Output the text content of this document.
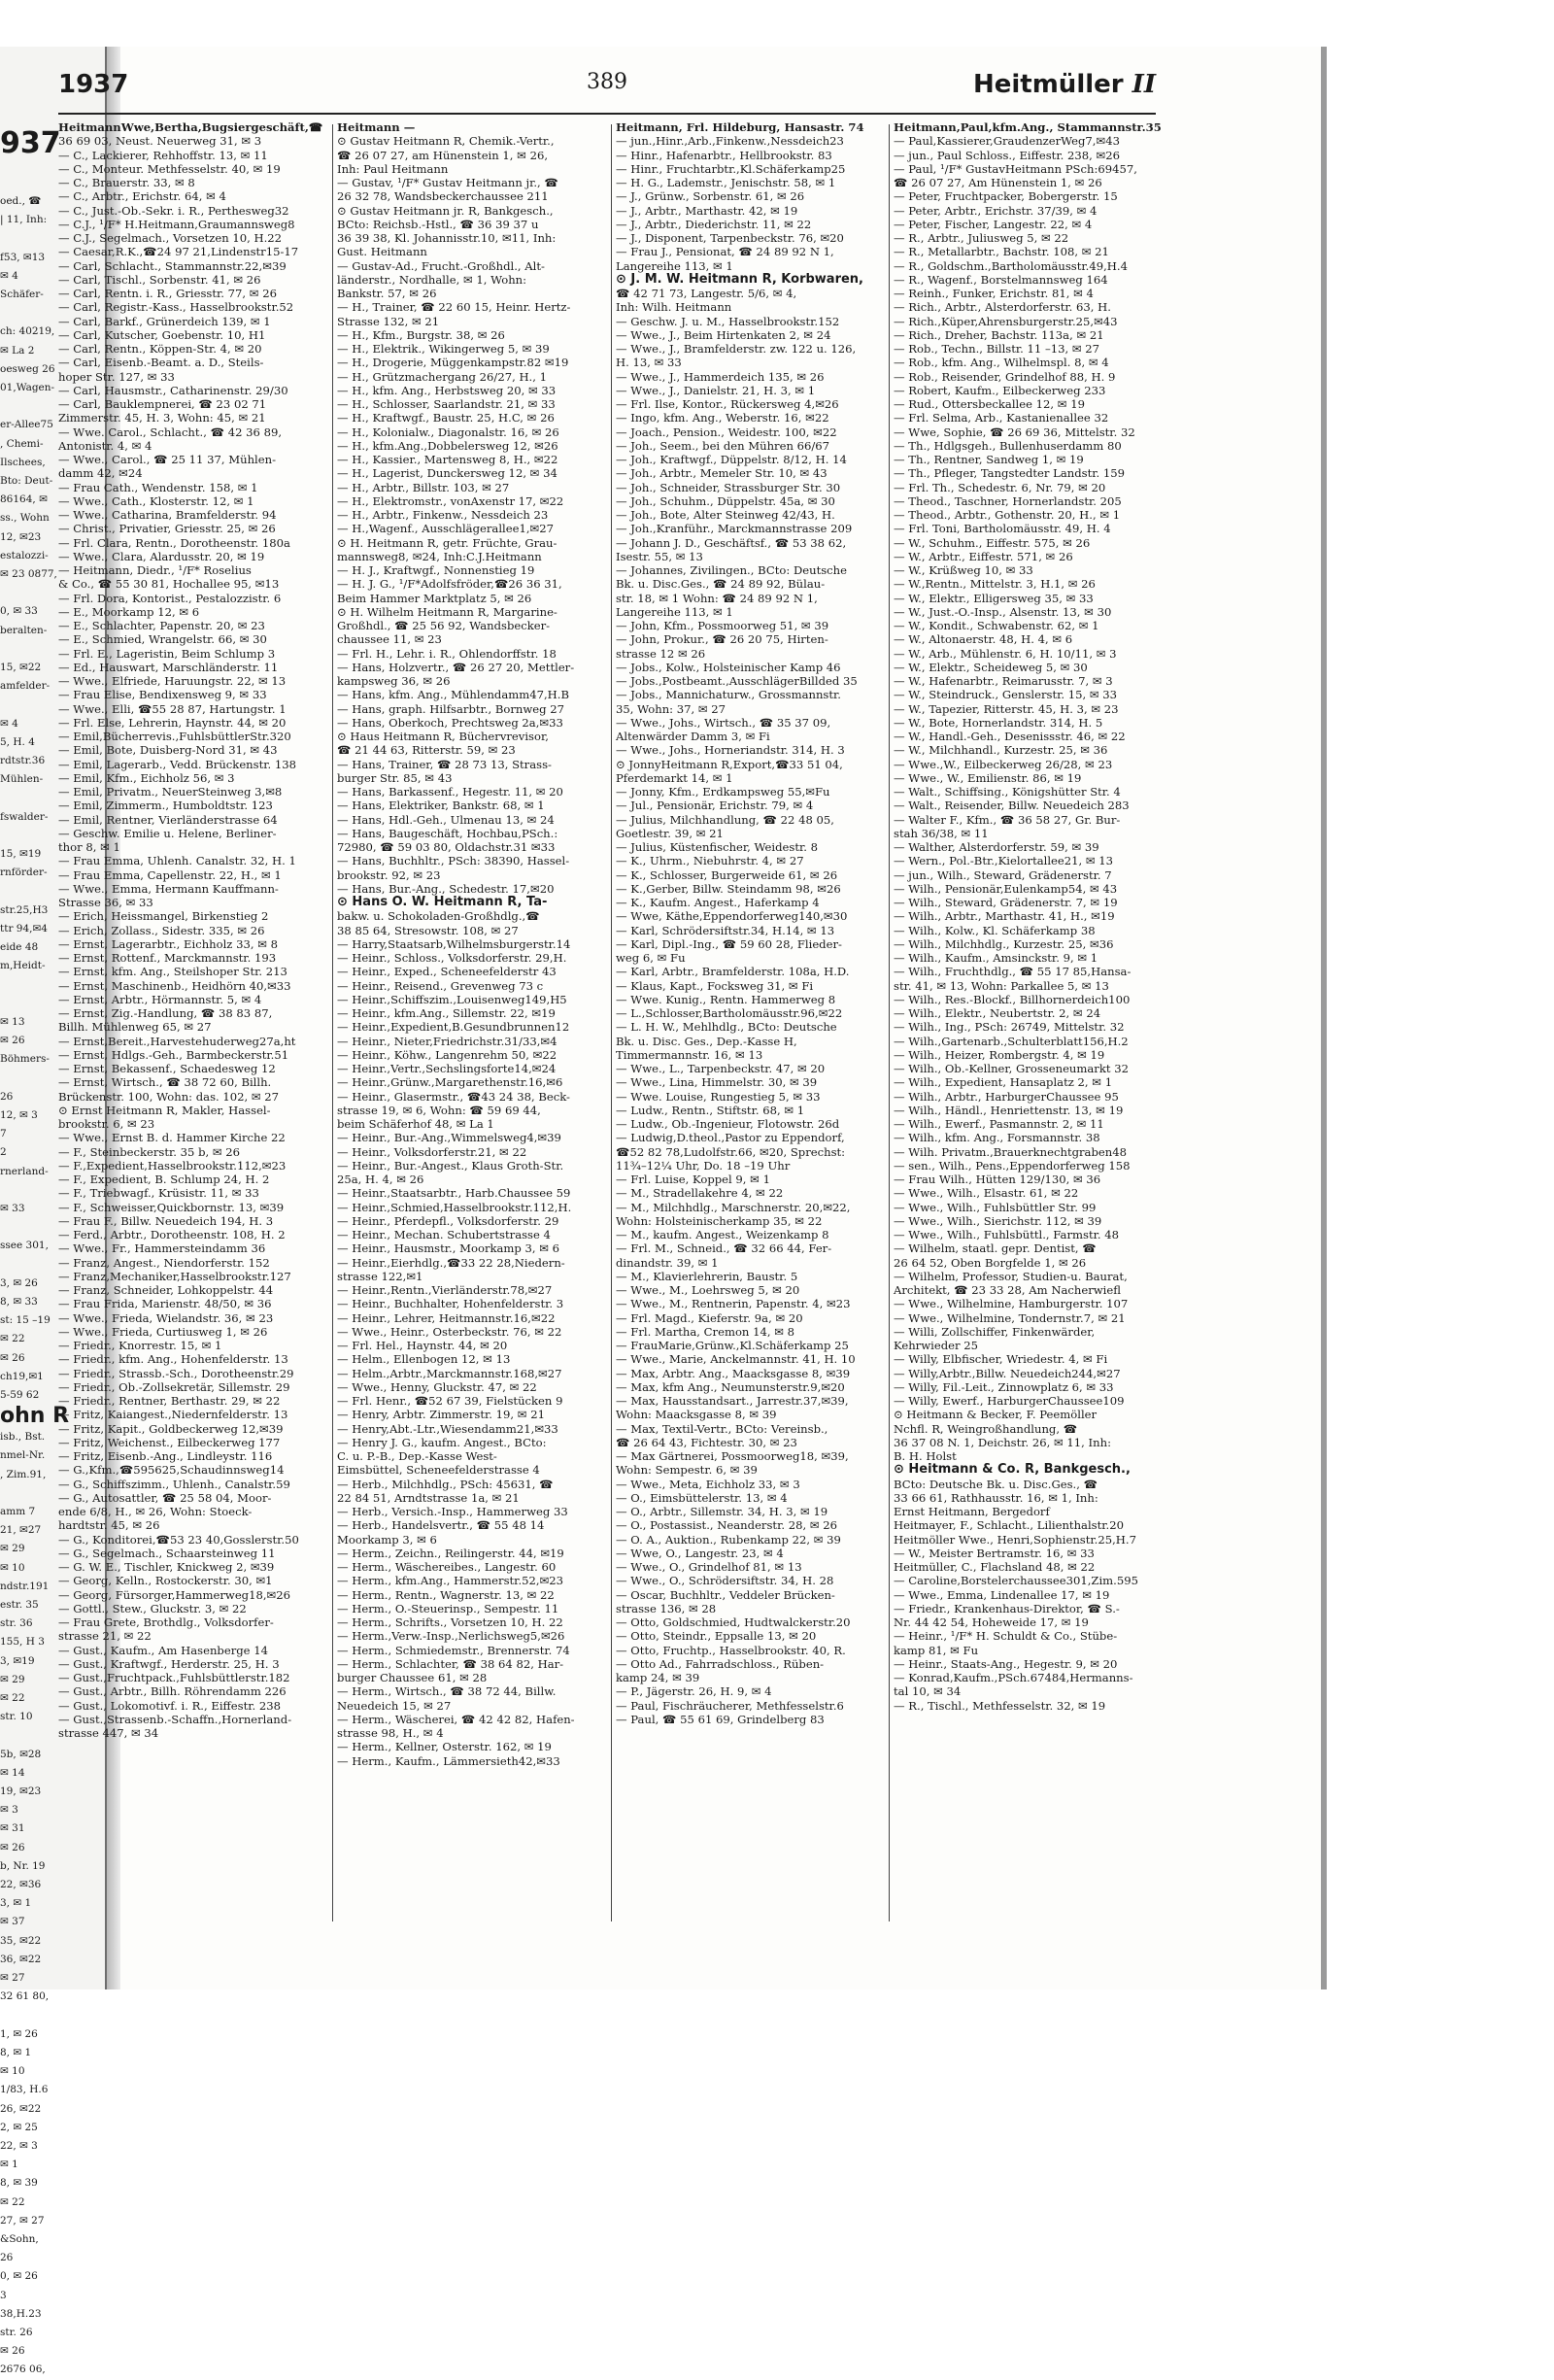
937
oed., ☎
| 11, Inh:

f53, ✉13
✉ 4
Schäfer-

ch: 40219,
✉ La 2
oesweg 26
01,Wagen-

er-Allee75
, Chemi-
Ilschees,
Bto: Deut-
86164, ✉
ss., Wohn
12, ✉23
estalozzi-
✉ 23 0877,

0, ✉ 33
beralten-

15, ✉22
amfelder-

✉ 4
5, H. 4
rdtstr.36
Mühlen-

fswalder-

15, ✉19
rnförder-

str.25,H3
ttr 94,✉4
eide 48
m,Heidt-

✉ 13
✉ 26
Böhmers-

26
12, ✉ 3
7
2
rnerland-

✉ 33

ssee 301,

3, ✉ 26
8, ✉ 33
st: 15 –19
✉ 22
✉ 26
ch19,✉1
5-59 62
ohn R
isb., Bst.
nmel-Nr.
, Zim.91,

amm 7
21, ✉27
✉ 29
✉ 10
ndstr.191
estr. 35
str. 36
155, H 3
3, ✉19
✉ 29
✉ 22
str. 10

5b, ✉28
✉ 14
19, ✉23
✉ 3
✉ 31
✉ 26
b, Nr. 19
22, ✉36
3, ✉ 1
✉ 37
35, ✉22
36, ✉22
✉ 27
32 61 80,

1, ✉ 26
8, ✉ 1
✉ 10
1/83, H.6
26, ✉22
2, ✉ 25
22, ✉ 3
✉ 1
8, ✉ 39
✉ 22
27, ✉ 27
&Sohn,
26
0, ✉ 26
3
38,H.23
str. 26
✉ 26
2676 06,
1937	389	Heitmüller II
HeitmannWwe,Bertha,Bugsiergeschäft,☎
36 69 03, Neust. Neuerweg 31, ✉ 3
— C., Lackierer, Rehhoffstr. 13, ✉ 11
— C., Monteur. Methfesselstr. 40, ✉ 19
— C., Brauerstr. 33, ✉ 8
— C., Arbtr., Erichstr. 64, ✉ 4
— C., Just.-Ob.-Sekr. i. R., Perthesweg32
— C.J., ¹/F* H.Heitmann,Graumannsweg8
— C.J., Segelmach., Vorsetzen 10, H.22
— Caesar,R.K.,☎24 97 21,Lindenstr15-17
— Carl, Schlacht., Stammannstr.22,✉39
— Carl, Tischl., Sorbenstr. 41, ✉ 26
— Carl, Rentn. i. R., Griesstr. 77, ✉ 26
— Carl, Registr.-Kass., Hasselbrookstr.52
— Carl, Barkf., Grünerdeich 139, ✉ 1
— Carl, Kutscher, Goebenstr. 10, H1
— Carl, Rentn., Köppen-Str. 4, ✉ 20
— Carl, Eisenb.-Beamt. a. D., Steils-
hoper Str. 127, ✉ 33
— Carl, Hausmstr., Catharinenstr. 29/30
— Carl, Bauklempnerei, ☎ 23 02 71
Zimmerstr. 45, H. 3, Wohn: 45, ✉ 21
— Wwe. Carol., Schlacht., ☎ 42 36 89,
Antonistr. 4, ✉ 4
— Wwe., Carol., ☎ 25 11 37, Mühlen-
damm 42, ✉24
— Frau Cath., Wendenstr. 158, ✉ 1
— Wwe., Cath., Klosterstr. 12, ✉ 1
— Wwe., Catharina, Bramfelderstr. 94
— Christ., Privatier, Griesstr. 25, ✉ 26
— Frl. Clara, Rentn., Dorotheenstr. 180a
— Wwe., Clara, Alardusstr. 20, ✉ 19
— Heitmann, Diedr., ¹/F* Roselius
& Co., ☎ 55 30 81, Hochallee 95, ✉13
— Frl. Dora, Kontorist., Pestalozzistr. 6
— E., Moorkamp 12, ✉ 6
— E., Schlachter, Papenstr. 20, ✉ 23
— E., Schmied, Wrangelstr. 66, ✉ 30
— Frl. E., Lageristin, Beim Schlump 3
— Ed., Hauswart, Marschländerstr. 11
— Wwe., Elfriede, Haruungstr. 22, ✉ 13
— Frau Elise, Bendixensweg 9, ✉ 33
— Wwe., Elli, ☎55 28 87, Hartungstr. 1
— Frl. Else, Lehrerin, Haynstr. 44, ✉ 20
— Emil,Bücherrevis.,FuhlsbüttlerStr.320
— Emil, Bote, Duisberg-Nord 31, ✉ 43
— Emil, Lagerarb., Vedd. Brückenstr. 138
— Emil, Kfm., Eichholz 56, ✉ 3
— Emil, Privatm., NeuerSteinweg 3,✉8
— Emil, Zimmerm., Humboldtstr. 123
— Emil, Rentner, Vierländerstrasse 64
— Geschw. Emilie u. Helene, Berliner-
thor 8, ✉ 1
— Frau Emma, Uhlenh. Canalstr. 32, H. 1
— Frau Emma, Capellenstr. 22, H., ✉ 1
— Wwe., Emma, Hermann Kauffmann-
Strasse 36, ✉ 33
— Erich, Heissmangel, Birkenstieg 2
— Erich, Zollass., Sidestr. 335, ✉ 26
— Ernst, Lagerarbtr., Eichholz 33, ✉ 8
— Ernst, Rottenf., Marckmannstr. 193
— Ernst, kfm. Ang., Steilshoper Str. 213
— Ernst, Maschinenb., Heidhörn 40,✉33
— Ernst, Arbtr., Hörmannstr. 5, ✉ 4
— Ernst, Zig.-Handlung, ☎ 38 83 87,
Billh. Mühlenweg 65, ✉ 27
— Ernst,Bereit.,Harvestehuderweg27a,ht
— Ernst, Hdlgs.-Geh., Barmbeckerstr.51
— Ernst, Bekassenf., Schaedesweg 12
— Ernst, Wirtsch., ☎ 38 72 60, Billh.
Brückenstr. 100, Wohn: das. 102, ✉ 27
⊙ Ernst Heitmann R, Makler, Hassel-
brookstr. 6, ✉ 23
— Wwe., Ernst B. d. Hammer Kirche 22
— F., Steinbeckerstr. 35 b, ✉ 26
— F.,Expedient,Hasselbrookstr.112,✉23
— F., Expedient, B. Schlump 24, H. 2
— F., Triebwagf., Krüsistr. 11, ✉ 33
— F., Schweisser,Quickbornstr. 13, ✉39
— Frau F., Billw. Neuedeich 194, H. 3
— Ferd., Arbtr., Dorotheenstr. 108, H. 2
— Wwe., Fr., Hammersteindamm 36
— Franz, Angest., Niendorferstr. 152
— Franz,Mechaniker,Hasselbrookstr.127
— Franz, Schneider, Lohkoppelstr. 44
— Frau Frida, Marienstr. 48/50, ✉ 36
— Wwe., Frieda, Wielandstr. 36, ✉ 23
— Wwe., Frieda, Curtiusweg 1, ✉ 26
— Friedr., Knorrestr. 15, ✉ 1
— Friedr., kfm. Ang., Hohenfelderstr. 13
— Friedr., Strassb.-Sch., Dorotheenstr.29
— Friedr., Ob.-Zollsekretär, Sillemstr. 29
— Friedr., Rentner, Berthastr. 29, ✉ 22
— Fritz, Kaiangest.,Niedernfelderstr. 13
— Fritz, Kapit., Goldbeckerweg 12,✉39
— Fritz, Weichenst., Eilbeckerweg 177
— Fritz, Eisenb.-Ang., Lindleystr. 116
— G.,Kfm.,☎595625,Schaudinnsweg14
— G., Schiffszimm., Uhlenh., Canalstr.59
— G., Autosattler, ☎ 25 58 04, Moor-
ende 6/8, H., ✉ 26, Wohn: Stoeck-
hardtstr. 45, ✉ 26
— G., Konditorei,☎53 23 40,Gosslerstr.50
— G., Segelmach., Schaarsteinweg 11
— G. W. E., Tischler, Knickweg 2, ✉39
— Georg, Kelln., Rostockerstr. 30, ✉1
— Georg, Fürsorger,Hammerweg18,✉26
— Gottl., Stew., Gluckstr. 3, ✉ 22
— Frau Grete, Brothdlg., Volksdorfer-
strasse 21, ✉ 22
— Gust., Kaufm., Am Hasenberge 14
— Gust., Kraftwgf., Herderstr. 25, H. 3
— Gust.,Fruchtpack.,Fuhlsbüttlerstr.182
— Gust., Arbtr., Billh. Röhrendamm 226
— Gust., Lokomotivf. i. R., Eiffestr. 238
— Gust.,Strassenb.-Schaffn.,Hornerland-
strasse 447, ✉ 34
Heitmann —
⊙ Gustav Heitmann R, Chemik.-Vertr.,
☎ 26 07 27, am Hünenstein 1, ✉ 26,
Inh: Paul Heitmann
— Gustav, ¹/F* Gustav Heitmann jr., ☎
26 32 78, Wandsbeckerchaussee 211
⊙ Gustav Heitmann jr. R, Bankgesch.,
BCto: Reichsb.-Hstl., ☎ 36 39 37 u
36 39 38, Kl. Johannisstr.10, ✉11, Inh:
Gust. Heitmann
— Gustav-Ad., Frucht.-Großhdl., Alt-
länderstr., Nordhalle, ✉ 1, Wohn:
Bankstr. 57, ✉ 26
— H., Trainer, ☎ 22 60 15, Heinr. Hertz-
Strasse 132, ✉ 21
— H., Kfm., Burgstr. 38, ✉ 26
— H., Elektrik., Wikingerweg 5, ✉ 39
— H., Drogerie, Müggenkampstr.82 ✉19
— H., Grützmachergang 26/27, H., 1
— H., kfm. Ang., Herbstsweg 20, ✉ 33
— H., Schlosser, Saarlandstr. 21, ✉ 33
— H., Kraftwgf., Baustr. 25, H.C, ✉ 26
— H., Kolonialw., Diagonalstr. 16, ✉ 26
— H., kfm.Ang.,Dobbelersweg 12, ✉26
— H., Kassier., Martensweg 8, H., ✉22
— H., Lagerist, Dunckersweg 12, ✉ 34
— H., Arbtr., Billstr. 103, ✉ 27
— H., Elektromstr., vonAxenstr 17, ✉22
— H., Arbtr., Finkenw., Nessdeich 23
— H.,Wagenf., Ausschlägerallee1,✉27
⊙ H. Heitmann R, getr. Früchte, Grau-
mannsweg8, ✉24, Inh:C.J.Heitmann
— H. J., Kraftwgf., Nonnenstieg 19
— H. J. G., ¹/F*Adolfsfröder,☎26 36 31,
Beim Hammer Marktplatz 5, ✉ 26
⊙ H. Wilhelm Heitmann R, Margarine-
Großhdl., ☎ 25 56 92, Wandsbecker-
chaussee 11, ✉ 23
— Frl. H., Lehr. i. R., Ohlendorffstr. 18
— Hans, Holzvertr., ☎ 26 27 20, Mettler-
kampsweg 36, ✉ 26
— Hans, kfm. Ang., Mühlendamm47,H.B
— Hans, graph. Hilfsarbtr., Bornweg 27
— Hans, Oberkoch, Prechtsweg 2a,✉33
⊙ Haus Heitmann R, Büchervrevisor,
☎ 21 44 63, Ritterstr. 59, ✉ 23
— Hans, Trainer, ☎ 28 73 13, Strass-
burger Str. 85, ✉ 43
— Hans, Barkassenf., Hegestr. 11, ✉ 20
— Hans, Elektriker, Bankstr. 68, ✉ 1
— Hans, Hdl.-Geh., Ulmenau 13, ✉ 24
— Hans, Baugeschäft, Hochbau,PSch.:
72980, ☎ 59 03 80, Oldachstr.31 ✉33
— Hans, Buchhltr., PSch: 38390, Hassel-
brookstr. 92, ✉ 23
— Hans, Bur.-Ang., Schedestr. 17,✉20
⊙ Hans O. W. Heitmann R, Ta-
bakw. u. Schokoladen-Großhdlg.,☎
38 85 64, Stresowstr. 108, ✉ 27
— Harry,Staatsarb,Wilhelmsburgerstr.14
— Heinr., Schloss., Volksdorferstr. 29,H.
— Heinr., Exped., Scheneefelderstr 43
— Heinr., Reisend., Grevenweg 73 c
— Heinr.,Schiffszim.,Louisenweg149,H5
— Heinr., kfm.Ang., Sillemstr. 22, ✉19
— Heinr.,Expedient,B.Gesundbrunnen12
— Heinr., Nieter,Friedrichstr.31/33,✉4
— Heinr., Köhw., Langenrehm 50, ✉22
— Heinr.,Vertr.,Sechslingsforte14,✉24
— Heinr.,Grünw.,Margarethenstr.16,✉6
— Heinr., Glasermstr., ☎43 24 38, Beck-
strasse 19, ✉ 6, Wohn: ☎ 59 69 44,
beim Schäferhof 48, ✉ La 1
— Heinr., Bur.-Ang.,Wimmelsweg4,✉39
— Heinr., Volksdorferstr.21, ✉ 22
— Heinr., Bur.-Angest., Klaus Groth-Str.
25a, H. 4, ✉ 26
— Heinr.,Staatsarbtr., Harb.Chaussee 59
— Heinr.,Schmied,Hasselbrookstr.112,H.
— Heinr., Pferdepfl., Volksdorferstr. 29
— Heinr., Mechan. Schubertstrasse 4
— Heinr., Hausmstr., Moorkamp 3, ✉ 6
— Heinr.,Eierhdlg.,☎33 22 28,Niedern-
strasse 122,✉1
— Heinr.,Rentn.,Vierländerstr.78,✉27
— Heinr., Buchhalter, Hohenfelderstr. 3
— Heinr., Lehrer, Heitmannstr.16,✉22
— Wwe., Heinr., Osterbeckstr. 76, ✉ 22
— Frl. Hel., Haynstr. 44, ✉ 20
— Helm., Ellenbogen 12, ✉ 13
— Helm.,Arbtr.,Marckmannstr.168,✉27
— Wwe., Henny, Gluckstr. 47, ✉ 22
— Frl. Henr., ☎52 67 39, Fielstücken 9
— Henry, Arbtr. Zimmerstr. 19, ✉ 21
— Henry,Abt.-Ltr.,Wiesendamm21,✉33
— Henry J. G., kaufm. Angest., BCto:
C. u. P.-B., Dep.-Kasse West-
Eimsbüttel, Scheneefelderstrasse 4
— Herb., Milchhdlg., PSch: 45631, ☎
22 84 51, Arndtstrasse 1a, ✉ 21
— Herb., Versich.-Insp., Hammerweg 33
— Herb., Handelsvertr., ☎ 55 48 14
Moorkamp 3, ✉ 6
— Herm., Zeichn., Reilingerstr. 44, ✉19
— Herm., Wäschereibes., Langestr. 60
— Herm., kfm.Ang., Hammerstr.52,✉23
— Herm., Rentn., Wagnerstr. 13, ✉ 22
— Herm., O.-Steuerinsp., Sempestr. 11
— Herm., Schrifts., Vorsetzen 10, H. 22
— Herm.,Verw.-Insp.,Nerlichsweg5,✉26
— Herm., Schmiedemstr., Brennerstr. 74
— Herm., Schlachter, ☎ 38 64 82, Har-
burger Chaussee 61, ✉ 28
— Herm., Wirtsch., ☎ 38 72 44, Billw.
Neuedeich 15, ✉ 27
— Herm., Wäscherei, ☎ 42 42 82, Hafen-
strasse 98, H., ✉ 4
— Herm., Kellner, Osterstr. 162, ✉ 19
— Herm., Kaufm., Lämmersieth42,✉33
Heitmann, Frl. Hildeburg, Hansastr. 74
— jun.,Hinr.,Arb.,Finkenw.,Nessdeich23
— Hinr., Hafenarbtr., Hellbrookstr. 83
— Hinr., Fruchtarbtr.,Kl.Schäferkamp25
— H. G., Lademstr., Jenischstr. 58, ✉ 1
— J., Grünw., Sorbenstr. 61, ✉ 26
— J., Arbtr., Marthastr. 42, ✉ 19
— J., Arbtr., Diederichstr. 11, ✉ 22
— J., Disponent, Tarpenbeckstr. 76, ✉20
— Frau J., Pensionat, ☎ 24 89 92 N 1,
Langereihe 113, ✉ 1
⊙ J. M. W. Heitmann R, Korbwaren,
☎ 42 71 73, Langestr. 5/6, ✉ 4,
Inh: Wilh. Heitmann
— Geschw. J. u. M., Hasselbrookstr.152
— Wwe., J., Beim Hirtenkaten 2, ✉ 24
— Wwe., J., Bramfelderstr. zw. 122 u. 126,
H. 13, ✉ 33
— Wwe., J., Hammerdeich 135, ✉ 26
— Wwe., J., Danielstr. 21, H. 3, ✉ 1
— Frl. Ilse, Kontor., Rückersweg 4,✉26
— Ingo, kfm. Ang., Weberstr. 16, ✉22
— Joach., Pension., Weidestr. 100, ✉22
— Joh., Seem., bei den Mühren 66/67
— Joh., Kraftwgf., Düppelstr. 8/12, H. 14
— Joh., Arbtr., Memeler Str. 10, ✉ 43
— Joh., Schneider, Strassburger Str. 30
— Joh., Schuhm., Düppelstr. 45a, ✉ 30
— Joh., Bote, Alter Steinweg 42/43, H.
— Joh.,Kranführ., Marckmannstrasse 209
— Johann J. D., Geschäftsf., ☎ 53 38 62,
Isestr. 55, ✉ 13
— Johannes, Zivilingen., BCto: Deutsche
Bk. u. Disc.Ges., ☎ 24 89 92, Bülau-
str. 18, ✉ 1 Wohn: ☎ 24 89 92 N 1,
Langereihe 113, ✉ 1
— John, Kfm., Possmoorweg 51, ✉ 39
— John, Prokur., ☎ 26 20 75, Hirten-
strasse 12 ✉ 26
— Jobs., Kolw., Holsteinischer Kamp 46
— Jobs.,Postbeamt.,AusschlägerBillded 35
— Jobs., Mannichaturw., Grossmannstr.
35, Wohn: 37, ✉ 27
— Wwe., Johs., Wirtsch., ☎ 35 37 09,
Altenwärder Damm 3, ✉ Fi
— Wwe., Johs., Horneriandstr. 314, H. 3
⊙ JonnyHeitmann R,Export,☎33 51 04,
Pferdemarkt 14, ✉ 1
— Jonny, Kfm., Erdkampsweg 55,✉Fu
— Jul., Pensionär, Erichstr. 79, ✉ 4
— Julius, Milchhandlung, ☎ 22 48 05,
Goetlestr. 39, ✉ 21
— Julius, Küstenfischer, Weidestr. 8
— K., Uhrm., Niebuhrstr. 4, ✉ 27
— K., Schlosser, Burgerweide 61, ✉ 26
— K.,Gerber, Billw. Steindamm 98, ✉26
— K., Kaufm. Angest., Haferkamp 4
— Wwe, Käthe,Eppendorferweg140,✉30
— Karl, Schrödersiftstr.34, H.14, ✉ 13
— Karl, Dipl.-Ing., ☎ 59 60 28, Flieder-
weg 6, ✉ Fu
— Karl, Arbtr., Bramfelderstr. 108a, H.D.
— Klaus, Kapt., Focksweg 31, ✉ Fi
— Wwe. Kunig., Rentn. Hammerweg 8
— L.,Schlosser,Bartholomäusstr.96,✉22
— L. H. W., Mehlhdlg., BCto: Deutsche
Bk. u. Disc. Ges., Dep.-Kasse H,
Timmermannstr. 16, ✉ 13
— Wwe., L., Tarpenbeckstr. 47, ✉ 20
— Wwe., Lina, Himmelstr. 30, ✉ 39
— Wwe. Louise, Rungestieg 5, ✉ 33
— Ludw., Rentn., Stiftstr. 68, ✉ 1
— Ludw., Ob.-Ingenieur, Flotowstr. 26d
— Ludwig,D.theol.,Pastor zu Eppendorf,
☎52 82 78,Ludolfstr.66, ✉20, Sprechst:
11¾–12¼ Uhr, Do. 18 –19 Uhr
— Frl. Luise, Koppel 9, ✉ 1
— M., Stradellakehre 4, ✉ 22
— M., Milchhdlg., Marschnerstr. 20,✉22,
Wohn: Holsteinischerkamp 35, ✉ 22
— M., kaufm. Angest., Weizenkamp 8
— Frl. M., Schneid., ☎ 32 66 44, Fer-
dinandstr. 39, ✉ 1
— M., Klavierlehrerin, Baustr. 5
— Wwe., M., Loehrsweg 5, ✉ 20
— Wwe., M., Rentnerin, Papenstr. 4, ✉23
— Frl. Magd., Kieferstr. 9a, ✉ 20
— Frl. Martha, Cremon 14, ✉ 8
— FrauMarie,Grünw.,Kl.Schäferkamp 25
— Wwe., Marie, Anckelmannstr. 41, H. 10
— Max, Arbtr. Ang., Maacksgasse 8, ✉39
— Max, kfm Ang., Neumunsterstr.9,✉20
— Max, Hausstandsart., Jarrestr.37,✉39,
Wohn: Maacksgasse 8, ✉ 39
— Max, Textil-Vertr., BCto: Vereinsb.,
☎ 26 64 43, Fichtestr. 30, ✉ 23
— Max Gärtnerei, Possmoorweg18, ✉39,
Wohn: Sempestr. 6, ✉ 39
— Wwe., Meta, Eichholz 33, ✉ 3
— O., Eimsbüttelerstr. 13, ✉ 4
— O., Arbtr., Sillemstr. 34, H. 3, ✉ 19
— O., Postassist., Neanderstr. 28, ✉ 26
— O. A., Auktion., Rubenkamp 22, ✉ 39
— Wwe, O., Langestr. 23, ✉ 4
— Wwe., O., Grindelhof 81, ✉ 13
— Wwe., O., Schrödersiftstr. 34, H. 28
— Oscar, Buchhltr., Veddeler Brücken-
strasse 136, ✉ 28
— Otto, Goldschmied, Hudtwalckerstr.20
— Otto, Steindr., Eppsalle 13, ✉ 20
— Otto, Fruchtp., Hasselbrookstr. 40, R.
— Otto Ad., Fahrradschloss., Rüben-
kamp 24, ✉ 39
— P., Jägerstr. 26, H. 9, ✉ 4
— Paul, Fischräucherer, Methfesselstr.6
— Paul, ☎ 55 61 69, Grindelberg 83
Heitmann,Paul,kfm.Ang., Stammannstr.35
— Paul,Kassierer,GraudenzerWeg7,✉43
— jun., Paul Schloss., Eiffestr. 238, ✉26
— Paul, ¹/F* GustavHeitmann PSch:69457,
☎ 26 07 27, Am Hünenstein 1, ✉ 26
— Peter, Fruchtpacker, Bobergerstr. 15
— Peter, Arbtr., Erichstr. 37/39, ✉ 4
— Peter, Fischer, Langestr. 22, ✉ 4
— R., Arbtr., Juliusweg 5, ✉ 22
— R., Metallarbtr., Bachstr. 108, ✉ 21
— R., Goldschm.,Bartholomäusstr.49,H.4
— R., Wagenf., Borstelmannsweg 164
— Reinh., Funker, Erichstr. 81, ✉ 4
— Rich., Arbtr., Alsterdorferstr. 63, H.
— Rich.,Küper,Ahrensburgerstr.25,✉43
— Rich., Dreher, Bachstr. 113a, ✉ 21
— Rob., Techn., Billstr. 11 –13, ✉ 27
— Rob., kfm. Ang., Wilhelmspl. 8, ✉ 4
— Rob., Reisender, Grindelhof 88, H. 9
— Robert, Kaufm., Eilbeckerweg 233
— Rud., Ottersbeckallee 12, ✉ 19
— Frl. Selma, Arb., Kastanienallee 32
— Wwe, Sophie, ☎ 26 69 36, Mittelstr. 32
— Th., Hdlgsgeh., Bullenhuserdamm 80
— Th., Rentner, Sandweg 1, ✉ 19
— Th., Pfleger, Tangstedter Landstr. 159
— Frl. Th., Schedestr. 6, Nr. 79, ✉ 20
— Theod., Taschner, Hornerlandstr. 205
— Theod., Arbtr., Gothenstr. 20, H., ✉ 1
— Frl. Toni, Bartholomäusstr. 49, H. 4
— W., Schuhm., Eiffestr. 575, ✉ 26
— W., Arbtr., Eiffestr. 571, ✉ 26
— W., Krüßweg 10, ✉ 33
— W.,Rentn., Mittelstr. 3, H.1, ✉ 26
— W., Elektr., Elligersweg 35, ✉ 33
— W., Just.-O.-Insp., Alsenstr. 13, ✉ 30
— W., Kondit., Schwabenstr. 62, ✉ 1
— W., Altonaerstr. 48, H. 4, ✉ 6
— W., Arb., Mühlenstr. 6, H. 10/11, ✉ 3
— W., Elektr., Scheideweg 5, ✉ 30
— W., Hafenarbtr., Reimarusstr. 7, ✉ 3
— W., Steindruck., Genslerstr. 15, ✉ 33
— W., Tapezier, Ritterstr. 45, H. 3, ✉ 23
— W., Bote, Hornerlandstr. 314, H. 5
— W., Handl.-Geh., Desenissstr. 46, ✉ 22
— W., Milchhandl., Kurzestr. 25, ✉ 36
— Wwe.,W., Eilbeckerweg 26/28, ✉ 23
— Wwe., W., Emilienstr. 86, ✉ 19
— Walt., Schiffsing., Königshütter Str. 4
— Walt., Reisender, Billw. Neuedeich 283
— Walter F., Kfm., ☎ 36 58 27, Gr. Bur-
stah 36/38, ✉ 11
— Walther, Alsterdorferstr. 59, ✉ 39
— Wern., Pol.-Btr.,Kielortallee21, ✉ 13
— jun., Wilh., Steward, Grädenerstr. 7
— Wilh., Pensionär,Eulenkamp54, ✉ 43
— Wilh., Steward, Grädenerstr. 7, ✉ 19
— Wilh., Arbtr., Marthastr. 41, H., ✉19
— Wilh., Kolw., Kl. Schäferkamp 38
— Wilh., Milchhdlg., Kurzestr. 25, ✉36
— Wilh., Kaufm., Amsinckstr. 9, ✉ 1
— Wilh., Fruchthdlg., ☎ 55 17 85,Hansa-
str. 41, ✉ 13, Wohn: Parkallee 5, ✉ 13
— Wilh., Res.-Blockf., Billhornerdeich100
— Wilh., Elektr., Neubertstr. 2, ✉ 24
— Wilh., Ing., PSch: 26749, Mittelstr. 32
— Wilh.,Gartenarb.,Schulterblatt156,H.2
— Wilh., Heizer, Rombergstr. 4, ✉ 19
— Wilh., Ob.-Kellner, Grosseneumarkt 32
— Wilh., Expedient, Hansaplatz 2, ✉ 1
— Wilh., Arbtr., HarburgerChaussee 95
— Wilh., Händl., Henriettenstr. 13, ✉ 19
— Wilh., Ewerf., Pasmannstr. 2, ✉ 11
— Wilh., kfm. Ang., Forsmannstr. 38
— Wilh. Privatm.,Brauerknechtgraben48
— sen., Wilh., Pens.,Eppendorferweg 158
— Frau Wilh., Hütten 129/130, ✉ 36
— Wwe., Wilh., Elsastr. 61, ✉ 22
— Wwe., Wilh., Fuhlsbüttler Str. 99
— Wwe., Wilh., Sierichstr. 112, ✉ 39
— Wwe., Wilh., Fuhlsbüttl., Farmstr. 48
— Wilhelm, staatl. gepr. Dentist, ☎
26 64 52, Oben Borgfelde 1, ✉ 26
— Wilhelm, Professor, Studien-u. Baurat,
Architekt, ☎ 23 33 28, Am Nacherwiefl
— Wwe., Wilhelmine, Hamburgerstr. 107
— Wwe., Wilhelmine, Tondernstr.7, ✉ 21
— Willi, Zollschiffer, Finkenwärder,
Kehrwieder 25
— Willy, Elbfischer, Wriedestr. 4, ✉ Fi
— Willy,Arbtr.,Billw. Neuedeich244,✉27
— Willy, Fil.-Leit., Zinnowplatz 6, ✉ 33
— Willy, Ewerf., HarburgerChaussee109
⊙ Heitmann & Becker, F. Peemöller
Nchfl. R, Weingroßhandlung, ☎
36 37 08 N. 1, Deichstr. 26, ✉ 11, Inh:
B. H. Holst
⊙ Heitmann & Co. R, Bankgesch.,
BCto: Deutsche Bk. u. Disc.Ges., ☎
33 66 61, Rathhausstr. 16, ✉ 1, Inh:
Ernst Heitmann, Bergedorf
Heitmayer, F., Schlacht., Lilienthalstr.20
Heitmöller Wwe., Henri,Sophienstr.25,H.7
— W., Meister Bertramstr. 16, ✉ 33
Heitmüller, C., Flachsland 48, ✉ 22
— Caroline,Borstelerchaussee301,Zim.595
— Wwe., Emma, Lindenallee 17, ✉ 19
— Friedr., Krankenhaus-Direktor, ☎ S.-
Nr. 44 42 54, Hoheweide 17, ✉ 19
— Heinr., ¹/F* H. Schuldt & Co., Stübe-
kamp 81, ✉ Fu
— Heinr., Staats-Ang., Hegestr. 9, ✉ 20
— Konrad,Kaufm.,PSch.67484,Hermanns-
tal 10, ✉ 34
— R., Tischl., Methfesselstr. 32, ✉ 19
